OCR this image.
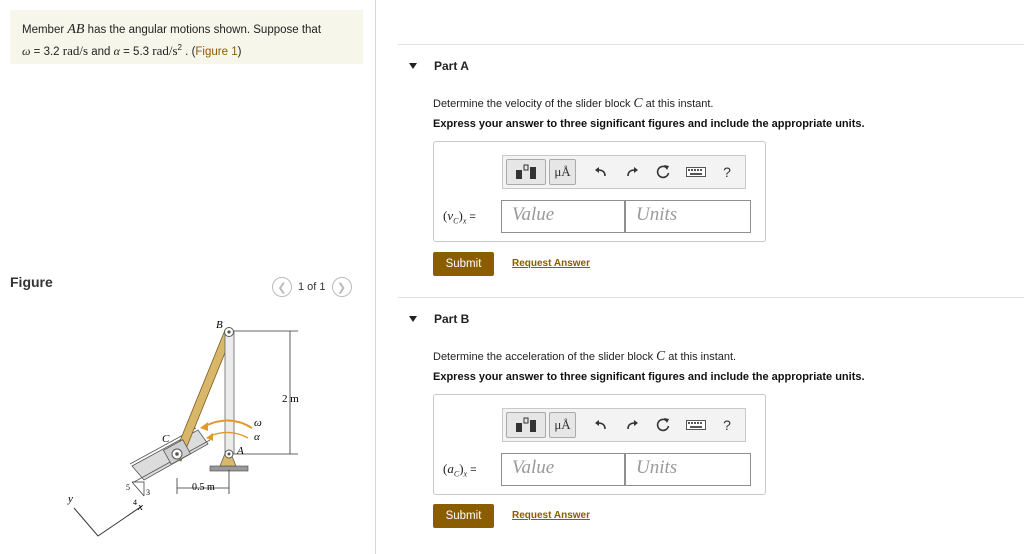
Member AB has the angular motions shown. Suppose that
ω = 3.2 rad/s and α = 5.3 rad/$s^2$ . (Figure 1)
Figure	❮	1 of 1	❯
2 m
B
C
A
ω
α
0.5 m
5
3
4
y
x
Part A
Determine the velocity of the slider block C at this instant.
Express your answer to three significant figures and include the appropriate units.
μÅ	?
$(v_C)_x$ =	Value	Units
Submit	Request Answer
Part B
Determine the acceleration of the slider block C at this instant.
Express your answer to three significant figures and include the appropriate units.
μÅ	?
$(a_C)_x$ =	Value	Units
Submit	Request Answer
